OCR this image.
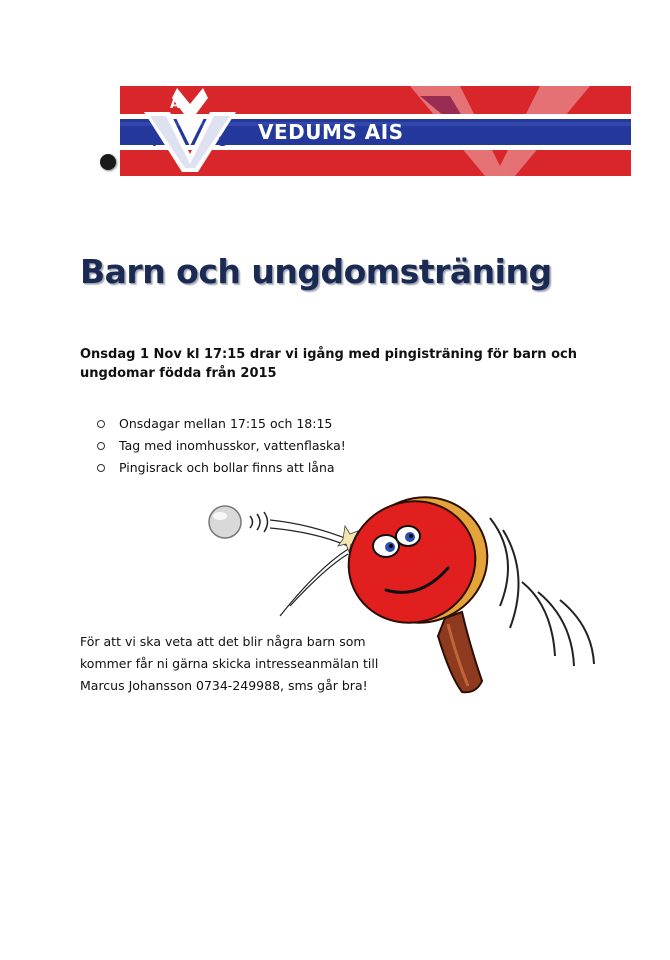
A
I	S VEDUMS AIS
Barn och ungdomsträning
Onsdag 1 Nov kl 17:15 drar vi igång med pingisträning för barn och ungdomar födda från 2015
Onsdagar mellan 17:15 och 18:15
Tag med inomhusskor, vattenflaska!
Pingisrack och bollar finns att låna

För att vi ska veta att det blir några barn som

kommer får ni gärna skicka intresseanmälan till

Marcus Johansson 0734-249988, sms går bra!
